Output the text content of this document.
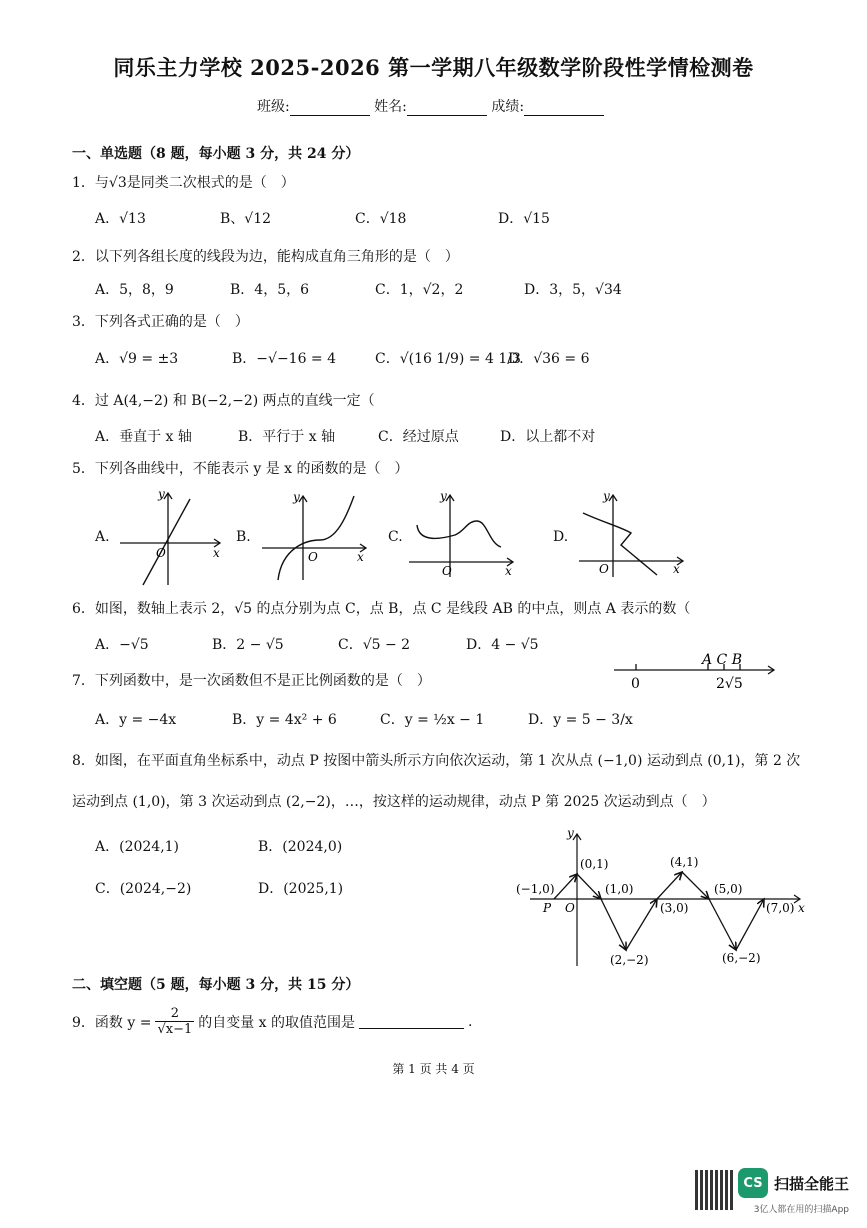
同乐主力学校 2025-2026 第一学期八年级数学阶段性学情检测卷
班级:	姓名:	成绩:
一、单选题（8 题，每小题 3 分，共 24 分）
1．与√3是同类二次根式的是（　）
A．√13	B、√12	C．√18	D．√15
2．以下列各组长度的线段为边，能构成直角三角形的是（　）
A．5，8，9	B．4，5，6	C．1，√2，2	D．3，5，√34
3．下列各式正确的是（　）
A．√9 = ±3	B．−√−16 = 4	C．√(16 1/9) = 4 1/3
D．√36 = 6
4．过 A(4,−2) 和 B(−2,−2) 两点的直线一定（
A．垂直于 x 轴	B．平行于 x 轴	C．经过原点	D．以上都不对
5．下列各曲线中，不能表示 y 是 x 的函数的是（　）
A.	B.	C.	D.
y
O	x
y
O	x
y
O	x
y
O	x
6．如图，数轴上表示 2，√5 的点分别为点 C，点 B，点 C 是线段 AB 的中点，则点 A 表示的数（
A．−√5	B．2 − √5	C．√5 − 2	D．4 − √5
A C B
0	2√5
7．下列函数中，是一次函数但不是正比例函数的是（　）
A．y = −4x	B．y = 4x² + 6	C．y = ½x − 1	D．y = 5 − 3/x
8．如图，在平面直角坐标系中，动点 P 按图中箭头所示方向依次运动，第 1 次从点 (−1,0) 运动到点 (0,1)，第 2 次
运动到点 (1,0)，第 3 次运动到点 (2,−2)，…，按这样的运动规律，动点 P 第 2025 次运动到点（　）
A．(2024,1)	B．(2024,0)
C．(2024,−2)	D．(2025,1)	(−1,0)
(0,1)
(1,0)
(2,−2)
(3,0)
(4,1)
(5,0)
(6,−2)
(7,0)
P O	x
y
二、填空题（5 题，每小题 3 分，共 15 分）
9．函数 $y = \frac{2}{√x-1}$ 的自变量 x 的取值范围是	.
第 1 页 共 4 页
CS 扫描全能王
3亿人都在用的扫描App
